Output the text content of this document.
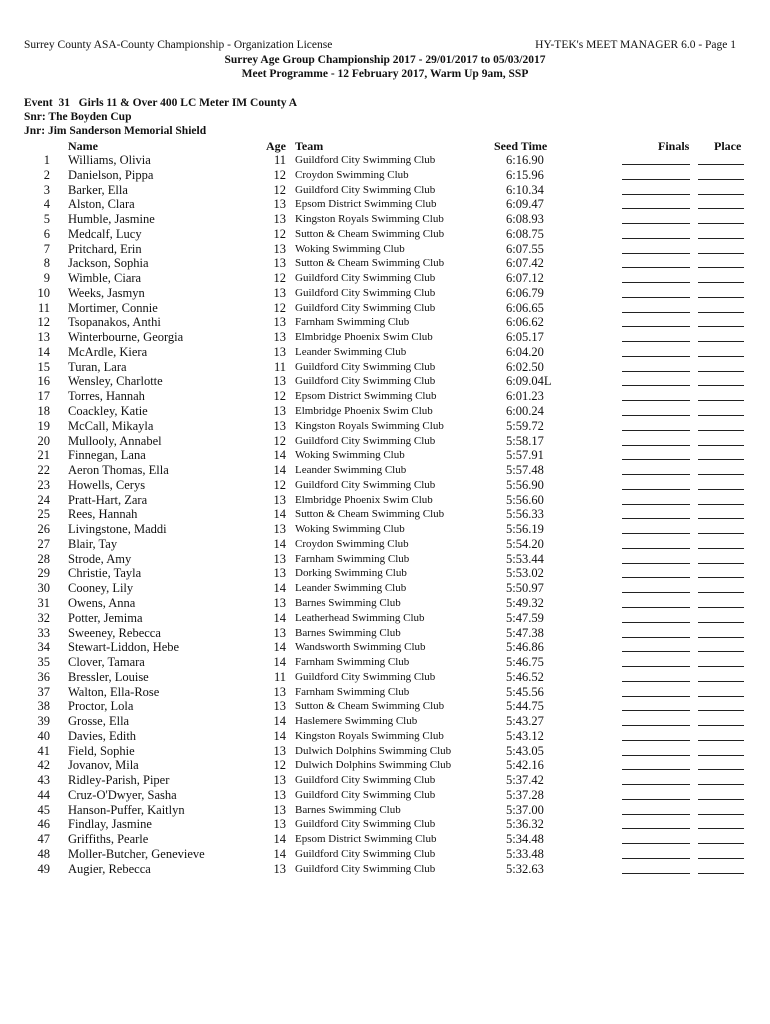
Surrey County ASA-County Championship - Organization License	HY-TEK's MEET MANAGER 6.0 - Page 1
Surrey Age Group Championship 2017 - 29/01/2017 to 05/03/2017
Meet Programme - 12 February 2017, Warm Up 9am, SSP
Event  31   Girls 11 & Over 400 LC Meter IM County A
Snr: The Boyden Cup
Jnr: Jim Sanderson Memorial Shield
Name	Age Team	Seed Time	Finals Place
1 Williams, Olivia	11 Guildford City Swimming Club	6:16.90
2 Danielson, Pippa	12 Croydon Swimming Club	6:15.96
3 Barker, Ella	12 Guildford City Swimming Club	6:10.34
4 Alston, Clara	13 Epsom District Swimming Club	6:09.47
5 Humble, Jasmine	13 Kingston Royals Swimming Club	6:08.93
6 Medcalf, Lucy	12 Sutton & Cheam Swimming Club	6:08.75
7 Pritchard, Erin	13 Woking Swimming Club	6:07.55
8 Jackson, Sophia	13 Sutton & Cheam Swimming Club	6:07.42
9 Wimble, Ciara	12 Guildford City Swimming Club	6:07.12
10 Weeks, Jasmyn	13 Guildford City Swimming Club	6:06.79
11 Mortimer, Connie	12 Guildford City Swimming Club	6:06.65
12 Tsopanakos, Anthi	13 Farnham Swimming Club	6:06.62
13 Winterbourne, Georgia	13 Elmbridge Phoenix Swim Club	6:05.17
14 McArdle, Kiera	13 Leander Swimming Club	6:04.20
15 Turan, Lara	11 Guildford City Swimming Club	6:02.50
16 Wensley, Charlotte	13 Guildford City Swimming Club	6:09.04L
17 Torres, Hannah	12 Epsom District Swimming Club	6:01.23
18 Coackley, Katie	13 Elmbridge Phoenix Swim Club	6:00.24
19 McCall, Mikayla	13 Kingston Royals Swimming Club	5:59.72
20 Mullooly, Annabel	12 Guildford City Swimming Club	5:58.17
21 Finnegan, Lana	14 Woking Swimming Club	5:57.91
22 Aeron Thomas, Ella	14 Leander Swimming Club	5:57.48
23 Howells, Cerys	12 Guildford City Swimming Club	5:56.90
24 Pratt-Hart, Zara	13 Elmbridge Phoenix Swim Club	5:56.60
25 Rees, Hannah	14 Sutton & Cheam Swimming Club	5:56.33
26 Livingstone, Maddi	13 Woking Swimming Club	5:56.19
27 Blair, Tay	14 Croydon Swimming Club	5:54.20
28 Strode, Amy	13 Farnham Swimming Club	5:53.44
29 Christie, Tayla	13 Dorking Swimming Club	5:53.02
30 Cooney, Lily	14 Leander Swimming Club	5:50.97
31 Owens, Anna	13 Barnes Swimming Club	5:49.32
32 Potter, Jemima	14 Leatherhead Swimming Club	5:47.59
33 Sweeney, Rebecca	13 Barnes Swimming Club	5:47.38
34 Stewart-Liddon, Hebe	14 Wandsworth Swimming Club	5:46.86
35 Clover, Tamara	14 Farnham Swimming Club	5:46.75
36 Bressler, Louise	11 Guildford City Swimming Club	5:46.52
37 Walton, Ella-Rose	13 Farnham Swimming Club	5:45.56
38 Proctor, Lola	13 Sutton & Cheam Swimming Club	5:44.75
39 Grosse, Ella	14 Haslemere Swimming Club	5:43.27
40 Davies, Edith	14 Kingston Royals Swimming Club	5:43.12
41 Field, Sophie	13 Dulwich Dolphins Swimming Club	5:43.05
42 Jovanov, Mila	12 Dulwich Dolphins Swimming Club	5:42.16
43 Ridley-Parish, Piper	13 Guildford City Swimming Club	5:37.42
44 Cruz-O'Dwyer, Sasha	13 Guildford City Swimming Club	5:37.28
45 Hanson-Puffer, Kaitlyn	13 Barnes Swimming Club	5:37.00
46 Findlay, Jasmine	13 Guildford City Swimming Club	5:36.32
47 Griffiths, Pearle	14 Epsom District Swimming Club	5:34.48
48 Moller-Butcher, Genevieve	14 Guildford City Swimming Club	5:33.48
49 Augier, Rebecca	13 Guildford City Swimming Club	5:32.63
